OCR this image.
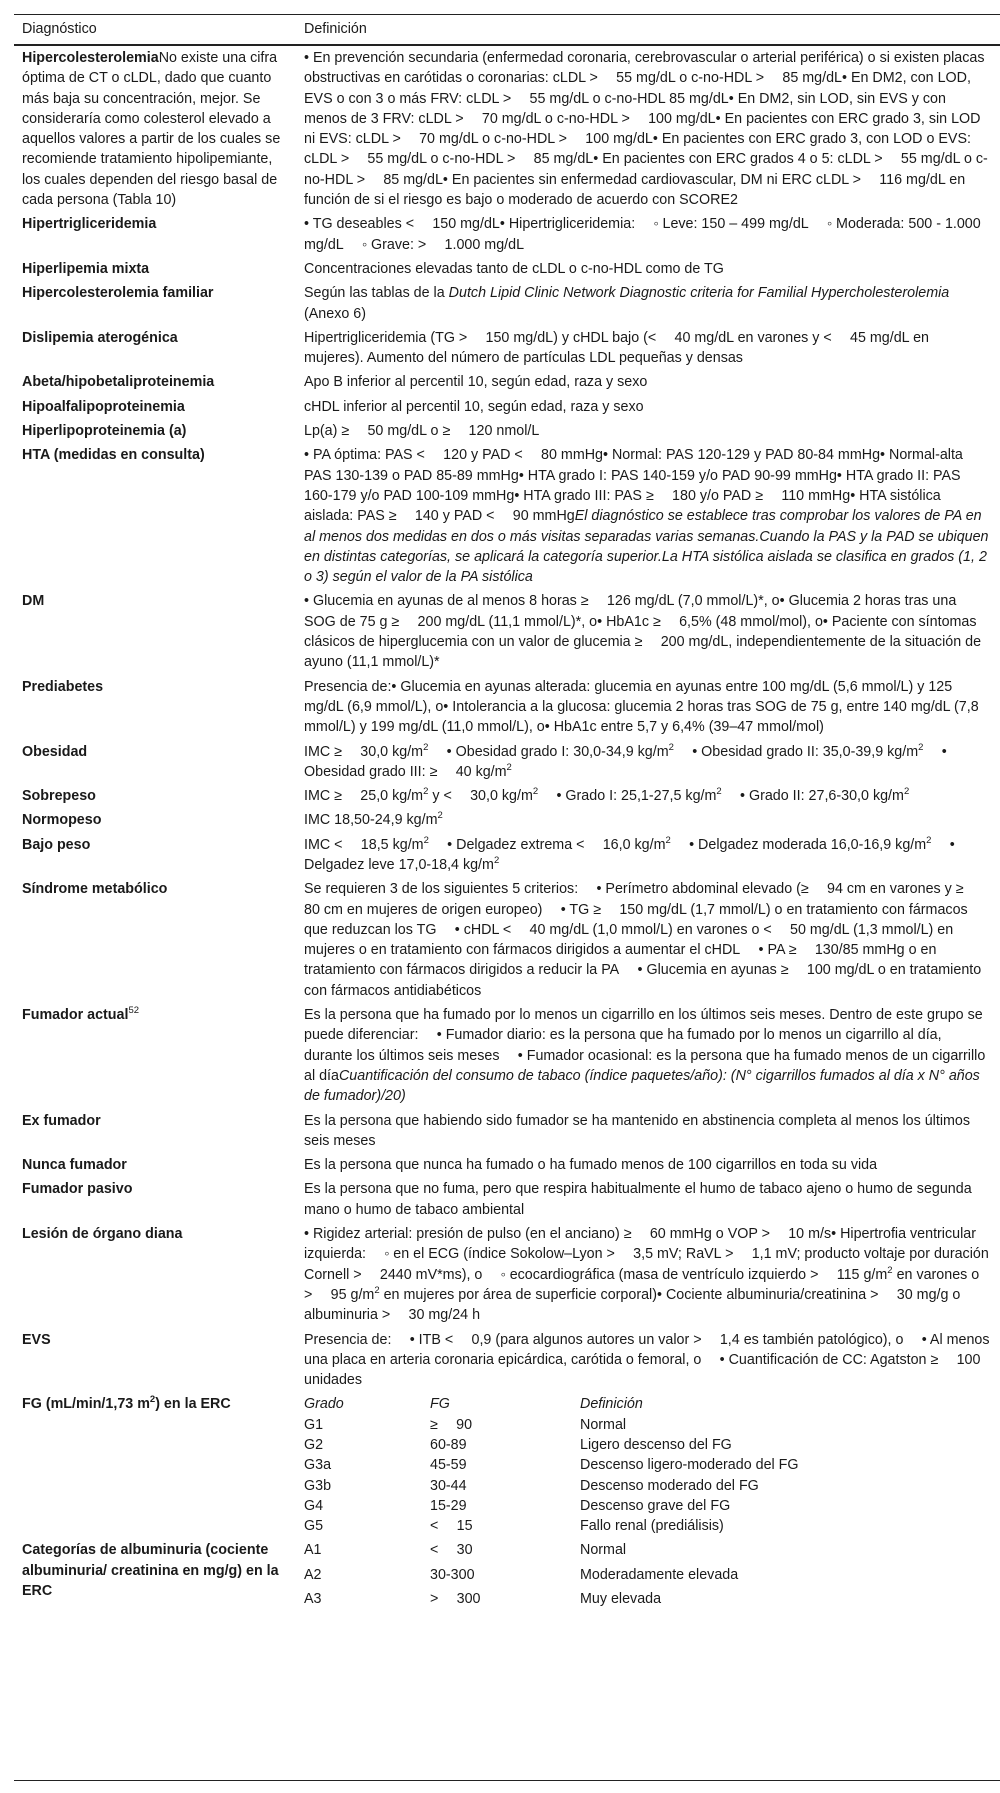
Diagnóstico	Definición
HipercolesterolemiaNo existe una cifra óptima de CT o cLDL, dado que cuanto más baja su concentración, mejor. Se consideraría como colesterol elevado a aquellos valores a partir de los cuales se recomiende tratamiento hipolipemiante, los cuales dependen del riesgo basal de cada persona (Tabla 10)	• En prevención secundaria (enfermedad coronaria, cerebrovascular o arterial periférica) o si existen placas obstructivas en carótidas o coronarias: cLDL >  55 mg/dL o c-no-HDL >  85 mg/dL• En DM2, con LOD, EVS o con 3 o más FRV: cLDL >  55 mg/dL o c-no-HDL 85 mg/dL• En DM2, sin LOD, sin EVS y con menos de 3 FRV: cLDL >  70 mg/dL o c-no-HDL >  100 mg/dL• En pacientes con ERC grado 3, sin LOD ni EVS: cLDL >  70 mg/dL o c-no-HDL >  100 mg/dL• En pacientes con ERC grado 3, con LOD o EVS: cLDL >  55 mg/dL o c-no-HDL >  85 mg/dL• En pacientes con ERC grados 4 o 5: cLDL >  55 mg/dL o c-no-HDL >  85 mg/dL• En pacientes sin enfermedad cardiovascular, DM ni ERC cLDL >  116 mg/dL en función de si el riesgo es bajo o moderado de acuerdo con SCORE2
Hipertrigliceridemia	• TG deseables <  150 mg/dL• Hipertrigliceridemia:  ◦ Leve: 150 – 499 mg/dL  ◦ Moderada: 500 - 1.000 mg/dL  ◦ Grave: >  1.000 mg/dL
Hiperlipemia mixta	Concentraciones elevadas tanto de cLDL o c-no-HDL como de TG
Hipercolesterolemia familiar	Según las tablas de la Dutch Lipid Clinic Network Diagnostic criteria for Familial Hypercholesterolemia (Anexo 6)
Dislipemia aterogénica	Hipertrigliceridemia (TG >  150 mg/dL) y cHDL bajo (<  40 mg/dL en varones y <  45 mg/dL en mujeres). Aumento del número de partículas LDL pequeñas y densas
Abeta/hipobetaliproteinemia	Apo B inferior al percentil 10, según edad, raza y sexo
Hipoalfalipoproteinemia	cHDL inferior al percentil 10, según edad, raza y sexo
Hiperlipoproteinemia (a)	Lp(a) ≥  50 mg/dL o ≥  120 nmol/L
HTA (medidas en consulta)	• PA óptima: PAS <  120 y PAD <  80 mmHg• Normal: PAS 120-129 y PAD 80-84 mmHg• Normal-alta PAS 130-139 o PAD 85-89 mmHg• HTA grado I: PAS 140-159 y/o PAD 90-99 mmHg• HTA grado II: PAS 160-179 y/o PAD 100-109 mmHg• HTA grado III: PAS ≥  180 y/o PAD ≥  110 mmHg• HTA sistólica aislada: PAS ≥  140 y PAD <  90 mmHgEl diagnóstico se establece tras comprobar los valores de PA en al menos dos medidas en dos o más visitas separadas varias semanas.Cuando la PAS y la PAD se ubiquen en distintas categorías, se aplicará la categoría superior.La HTA sistólica aislada se clasifica en grados (1, 2 o 3) según el valor de la PA sistólica
DM	• Glucemia en ayunas de al menos 8 horas ≥  126 mg/dL (7,0 mmol/L)*, o• Glucemia 2 horas tras una SOG de 75 g ≥  200 mg/dL (11,1 mmol/L)*, o• HbA1c ≥  6,5% (48 mmol/mol), o• Paciente con síntomas clásicos de hiperglucemia con un valor de glucemia ≥  200 mg/dL, independientemente de la situación de ayuno (11,1 mmol/L)*
Prediabetes	Presencia de:• Glucemia en ayunas alterada: glucemia en ayunas entre 100 mg/dL (5,6 mmol/L) y 125 mg/dL (6,9 mmol/L), o• Intolerancia a la glucosa: glucemia 2 horas tras SOG de 75 g, entre 140 mg/dL (7,8 mmol/L) y 199 mg/dL (11,0 mmol/L), o• HbA1c entre 5,7 y 6,4% (39–47 mmol/mol)
Obesidad	IMC ≥  30,0 $kg/m^2$  • Obesidad grado I: 30,0-34,9 $kg/m^2$  • Obesidad grado II: 35,0-39,9 $kg/m^2$  • Obesidad grado III: ≥  40 $kg/m^2$
Sobrepeso	IMC ≥  25,0 $kg/m^2$ y <  30,0 $kg/m^2$  • Grado I: 25,1-27,5 $kg/m^2$  • Grado II: 27,6-30,0 $kg/m^2$
Normopeso	IMC 18,50-24,9 $kg/m^2$
Bajo peso	IMC <  18,5 $kg/m^2$  • Delgadez extrema <  16,0 $kg/m^2$  • Delgadez moderada 16,0-16,9 $kg/m^2$  • Delgadez leve 17,0-18,4 $kg/m^2$
Síndrome metabólico	Se requieren 3 de los siguientes 5 criterios:  • Perímetro abdominal elevado (≥  94 cm en varones y ≥  80 cm en mujeres de origen europeo)  • TG ≥  150 mg/dL (1,7 mmol/L) o en tratamiento con fármacos que reduzcan los TG  • cHDL <  40 mg/dL (1,0 mmol/L) en varones o <  50 mg/dL (1,3 mmol/L) en mujeres o en tratamiento con fármacos dirigidos a aumentar el cHDL  • PA ≥  130/85 mmHg o en tratamiento con fármacos dirigidos a reducir la PA  • Glucemia en ayunas ≥  100 mg/dL o en tratamiento con fármacos antidiabéticos
Fumador actual$^{52}$	Es la persona que ha fumado por lo menos un cigarrillo en los últimos seis meses. Dentro de este grupo se puede diferenciar:  • Fumador diario: es la persona que ha fumado por lo menos un cigarrillo al día, durante los últimos seis meses  • Fumador ocasional: es la persona que ha fumado menos de un cigarrillo al díaCuantificación del consumo de tabaco (índice paquetes/año): (N° cigarrillos fumados al día x N° años de fumador)/20)
Ex fumador	Es la persona que habiendo sido fumador se ha mantenido en abstinencia completa al menos los últimos seis meses
Nunca fumador	Es la persona que nunca ha fumado o ha fumado menos de 100 cigarrillos en toda su vida
Fumador pasivo	Es la persona que no fuma, pero que respira habitualmente el humo de tabaco ajeno o humo de segunda mano o humo de tabaco ambiental
Lesión de órgano diana	• Rigidez arterial: presión de pulso (en el anciano) ≥  60 mmHg o VOP >  10 m/s• Hipertrofia ventricular izquierda:  ◦ en el ECG (índice Sokolow–Lyon >  3,5 mV; RaVL >  1,1 mV; producto voltaje por duración Cornell >  2440 mV*ms), o  ◦ ecocardiográfica (masa de ventrículo izquierdo >  115 $g/m^2$ en varones o >  95 $g/m^2$ en mujeres por área de superficie corporal)• Cociente albuminuria/creatinina >  30 mg/g o albuminuria >  30 mg/24 h
EVS	Presencia de:  • ITB <  0,9 (para algunos autores un valor >  1,4 es también patológico), o  • Al menos una placa en arteria coronaria epicárdica, carótida o femoral, o  • Cuantificación de CC: Agatston ≥  100 unidades
FG (mL/min/1,73 $m^2$) en la ERC		Grado	FG	Definición
G1	≥  90	Normal
G2	60-89	Ligero descenso del FG
G3a	45-59	Descenso ligero-moderado del FG
G3b	30-44	Descenso moderado del FG
G4	15-29	Descenso grave del FG
G5	<  15	Fallo renal (prediálisis)

Categorías de albuminuria (cociente albuminuria/ creatinina en mg/g) en la ERC	
A1	<  30	Normal
A2	30-300	Moderadamente elevada
A3	>  300	Muy elevada
